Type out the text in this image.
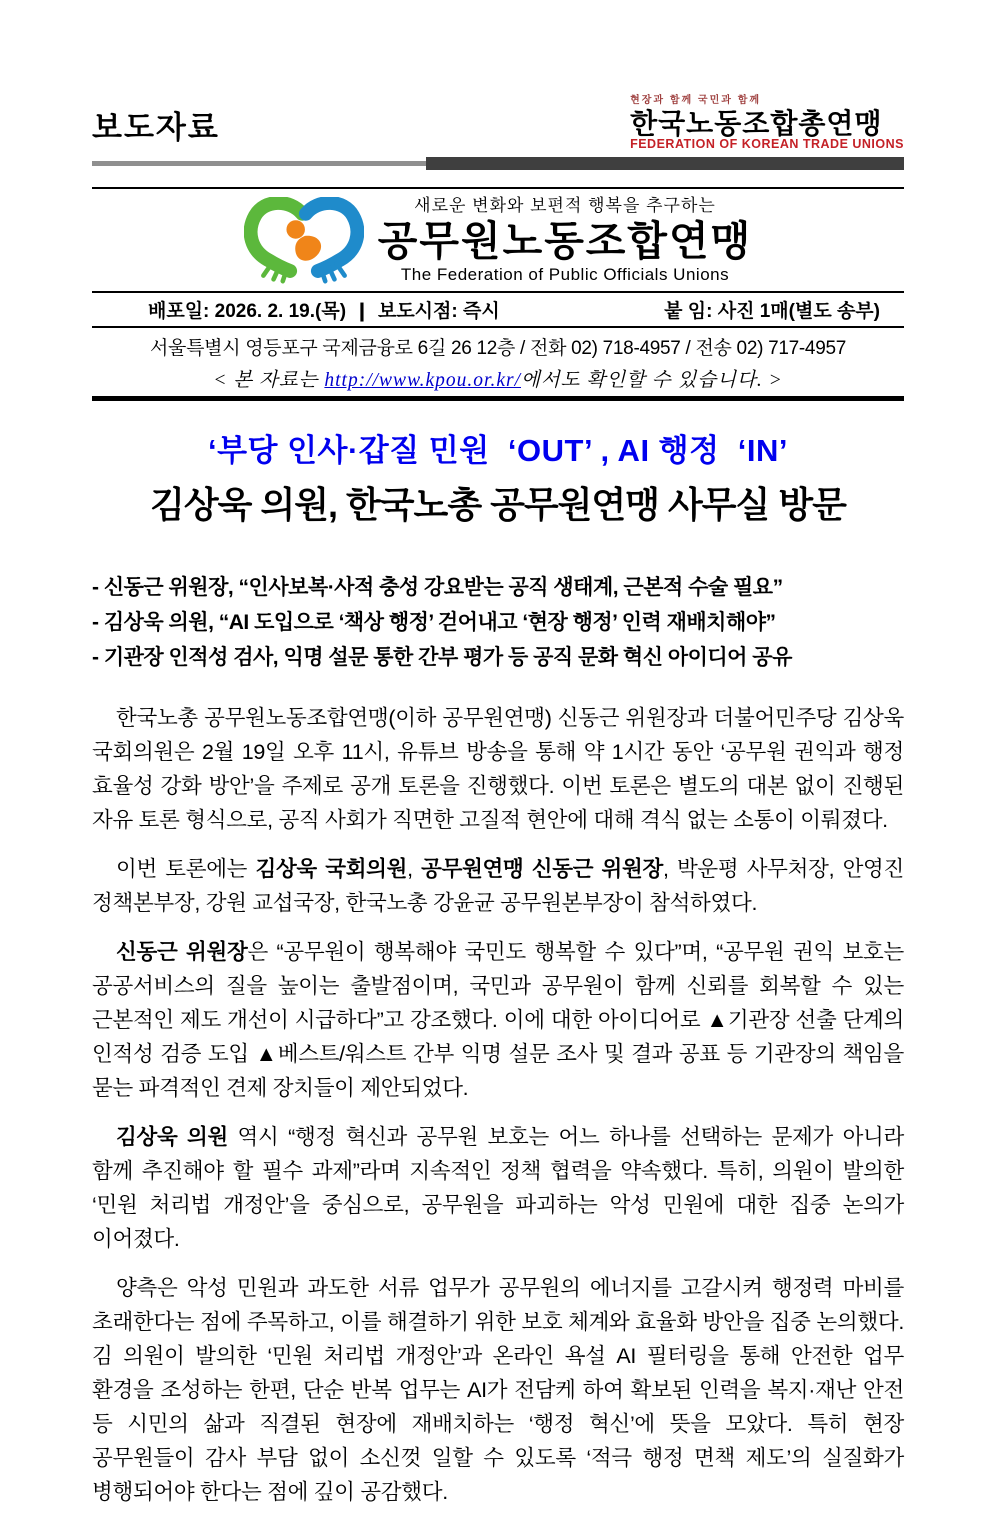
보도자료
현장과 함께 국민과 함께
한국노동조합총연맹
FEDERATION OF KOREAN TRADE UNIONS
새로운 변화와 보편적 행복을 추구하는
공무원노동조합연맹
The Federation of Public Officials Unions
배포일: 2026. 2. 19.(목) ❙ 보도시점: 즉시	붙 임: 사진 1매(별도 송부)
서울특별시 영등포구 국제금융로 6길 26 12층 / 전화 02) 718-4957 / 전송 02) 717-4957
< 본 자료는 http://www.kpou.or.kr/에서도 확인할 수 있습니다. >
‘부당 인사·갑질 민원  ‘OUT’ , AI 행정  ‘IN’
김상욱 의원, 한국노총 공무원연맹 사무실 방문
- 신동근 위원장, “인사보복·사적 충성 강요받는 공직 생태계, 근본적 수술 필요”
- 김상욱 의원, “AI 도입으로 ‘책상 행정’ 걷어내고 ‘현장 행정’ 인력 재배치해야”
- 기관장 인적성 검사, 익명 설문 통한 간부 평가 등 공직 문화 혁신 아이디어 공유

한국노총 공무원노동조합연맹(이하 공무원연맹) 신동근 위원장과 더불어민주당 김상욱 국회의원은 2월 19일 오후 11시, 유튜브 방송을 통해 약 1시간 동안 ‘공무원 권익과 행정 효율성 강화 방안’을 주제로 공개 토론을 진행했다. 이번 토론은 별도의 대본 없이 진행된 자유 토론 형식으로, 공직 사회가 직면한 고질적 현안에 대해 격식 없는 소통이 이뤄졌다.

이번 토론에는 김상욱 국회의원, 공무원연맹 신동근 위원장, 박운평 사무처장, 안영진 정책본부장, 강원 교섭국장, 한국노총 강윤균 공무원본부장이 참석하였다.

신동근 위원장은 “공무원이 행복해야 국민도 행복할 수 있다”며, “공무원 권익 보호는 공공서비스의 질을 높이는 출발점이며, 국민과 공무원이 함께 신뢰를 회복할 수 있는 근본적인 제도 개선이 시급하다”고 강조했다. 이에 대한 아이디어로 ▲기관장 선출 단계의 인적성 검증 도입 ▲베스트/워스트 간부 익명 설문 조사 및 결과 공표 등 기관장의 책임을 묻는 파격적인 견제 장치들이 제안되었다.

김상욱 의원 역시 “행정 혁신과 공무원 보호는 어느 하나를 선택하는 문제가 아니라 함께 추진해야 할 필수 과제”라며 지속적인 정책 협력을 약속했다. 특히, 의원이 발의한 ‘민원 처리법 개정안’을 중심으로, 공무원을 파괴하는 악성 민원에 대한 집중 논의가 이어졌다.

양측은 악성 민원과 과도한 서류 업무가 공무원의 에너지를 고갈시켜 행정력 마비를 초래한다는 점에 주목하고, 이를 해결하기 위한 보호 체계와 효율화 방안을 집중 논의했다. 김 의원이 발의한 ‘민원 처리법 개정안’과 온라인 욕설 AI 필터링을 통해 안전한 업무 환경을 조성하는 한편, 단순 반복 업무는 AI가 전담케 하여 확보된 인력을 복지·재난 안전 등 시민의 삶과 직결된 현장에 재배치하는 ‘행정 혁신’에 뜻을 모았다. 특히 현장 공무원들이 감사 부담 없이 소신껏 일할 수 있도록 ‘적극 행정 면책 제도’의 실질화가 병행되어야 한다는 점에 깊이 공감했다.
